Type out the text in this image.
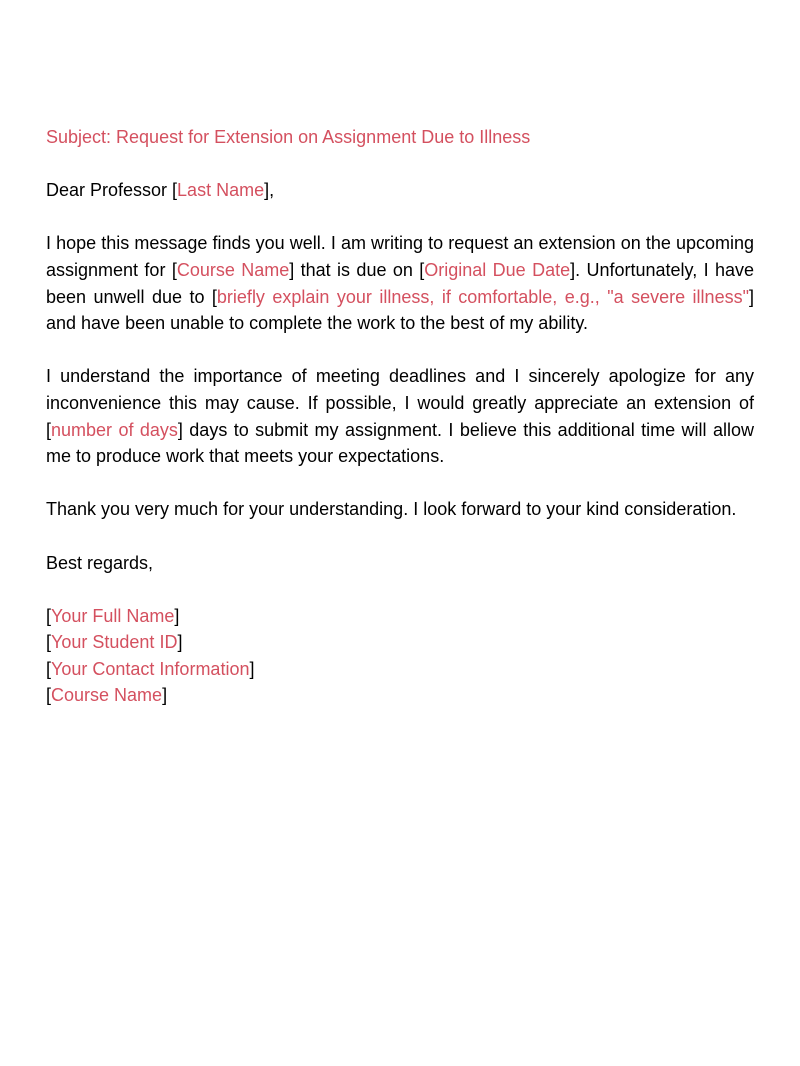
Subject: Request for Extension on Assignment Due to Illness

Dear Professor [Last Name],

I hope this message finds you well. I am writing to request an extension on the upcoming assignment for [Course Name] that is due on [Original Due Date]. Unfortunately, I have been unwell due to [briefly explain your illness, if comfortable, e.g., "a severe illness"] and have been unable to complete the work to the best of my ability.

I understand the importance of meeting deadlines and I sincerely apologize for any inconvenience this may cause. If possible, I would greatly appreciate an extension of [number of days] days to submit my assignment. I believe this additional time will allow me to produce work that meets your expectations.

Thank you very much for your understanding. I look forward to your kind consideration.

Best regards,

[Your Full Name]
[Your Student ID]
[Your Contact Information]
[Course Name]
